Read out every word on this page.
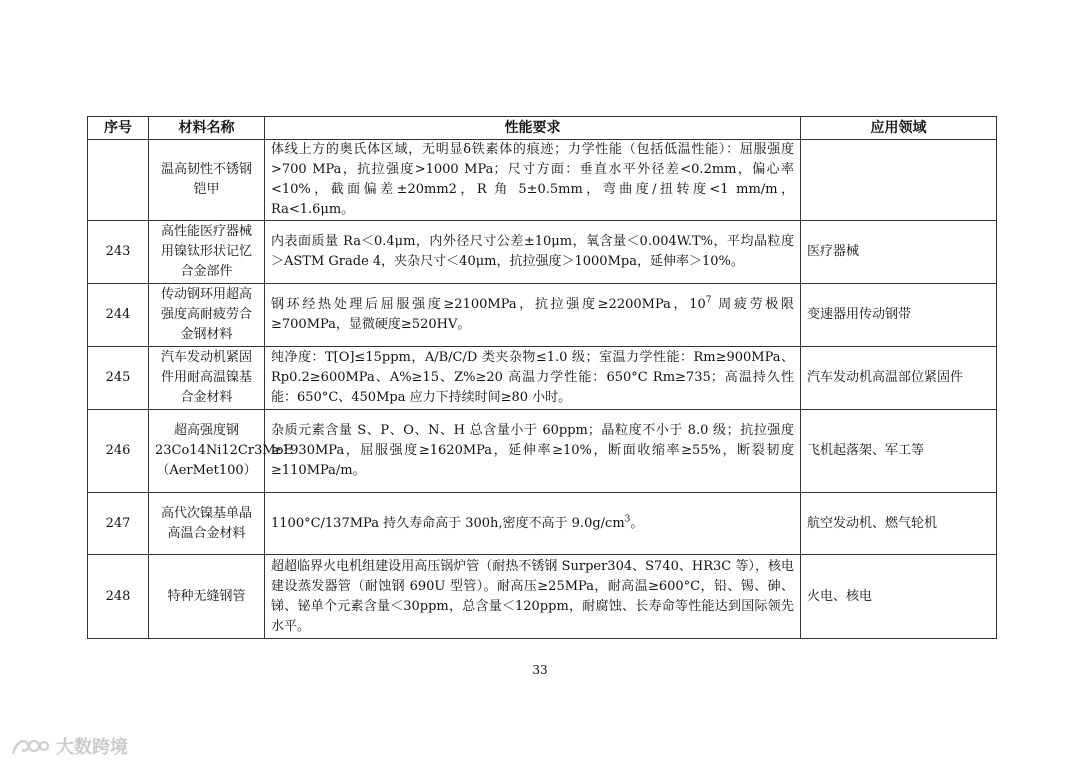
序号	材料名称	性能要求	应用领域
	温高韧性不锈钢铠甲	体线上方的奥氏体区域，无明显δ铁素体的痕迹；力学性能（包括低温性能）：屈服强度>700 MPa，抗拉强度>1000 MPa；尺寸方面：垂直水平外径差<0.2mm，偏心率<10%，截面偏差±20mm2，R 角 5±0.5mm，弯曲度/扭转度<1 mm/m，Ra<1.6μm。	
243	高性能医疗器械用镍钛形状记忆合金部件	内表面质量 Ra＜0.4μm，内外径尺寸公差±10μm，氧含量＜0.004W.T%，平均晶粒度＞ASTM Grade 4，夹杂尺寸＜40μm，抗拉强度＞1000Mpa，延伸率＞10%。	医疗器械
244	传动钢环用超高强度高耐疲劳合金钢材料	钢环经热处理后屈服强度≥2100MPa，抗拉强度≥2200MPa，$10^7$ 周疲劳极限≥700MPa，显微硬度≥520HV。	变速器用传动钢带
245	汽车发动机紧固件用耐高温镍基合金材料	纯净度：T[O]≤15ppm，A/B/C/D 类夹杂物≤1.0 级；室温力学性能：Rm≥900MPa、Rp0.2≥600MPa、A%≥15、Z%≥20 高温力学性能：650°C Rm≥735；高温持久性能：650°C、450Mpa 应力下持续时间≥80 小时。	汽车发动机高温部位紧固件
246	超高强度钢23Co14Ni12Cr3MoE（AerMet100）	杂质元素含量 S、P、O、N、H 总含量小于 60ppm；晶粒度不小于 8.0 级；抗拉强度≥1930MPa，屈服强度≥1620MPa，延伸率≥10%，断面收缩率≥55%，断裂韧度≥110MPa/m。	飞机起落架、军工等
247	高代次镍基单晶高温合金材料	1100°C/137MPa 持久寿命高于 300h,密度不高于 $9.0g/cm^3$。	航空发动机、燃气轮机
248	特种无缝钢管	超超临界火电机组建设用高压锅炉管（耐热不锈钢 Surper304、S740、HR3C 等），核电建设蒸发器管（耐蚀钢 690U 型管）。耐高压≥25MPa，耐高温≥600°C，铅、锡、砷、锑、铋单个元素含量＜30ppm，总含量＜120ppm，耐腐蚀、长寿命等性能达到国际领先水平。	火电、核电
33
大数跨境
